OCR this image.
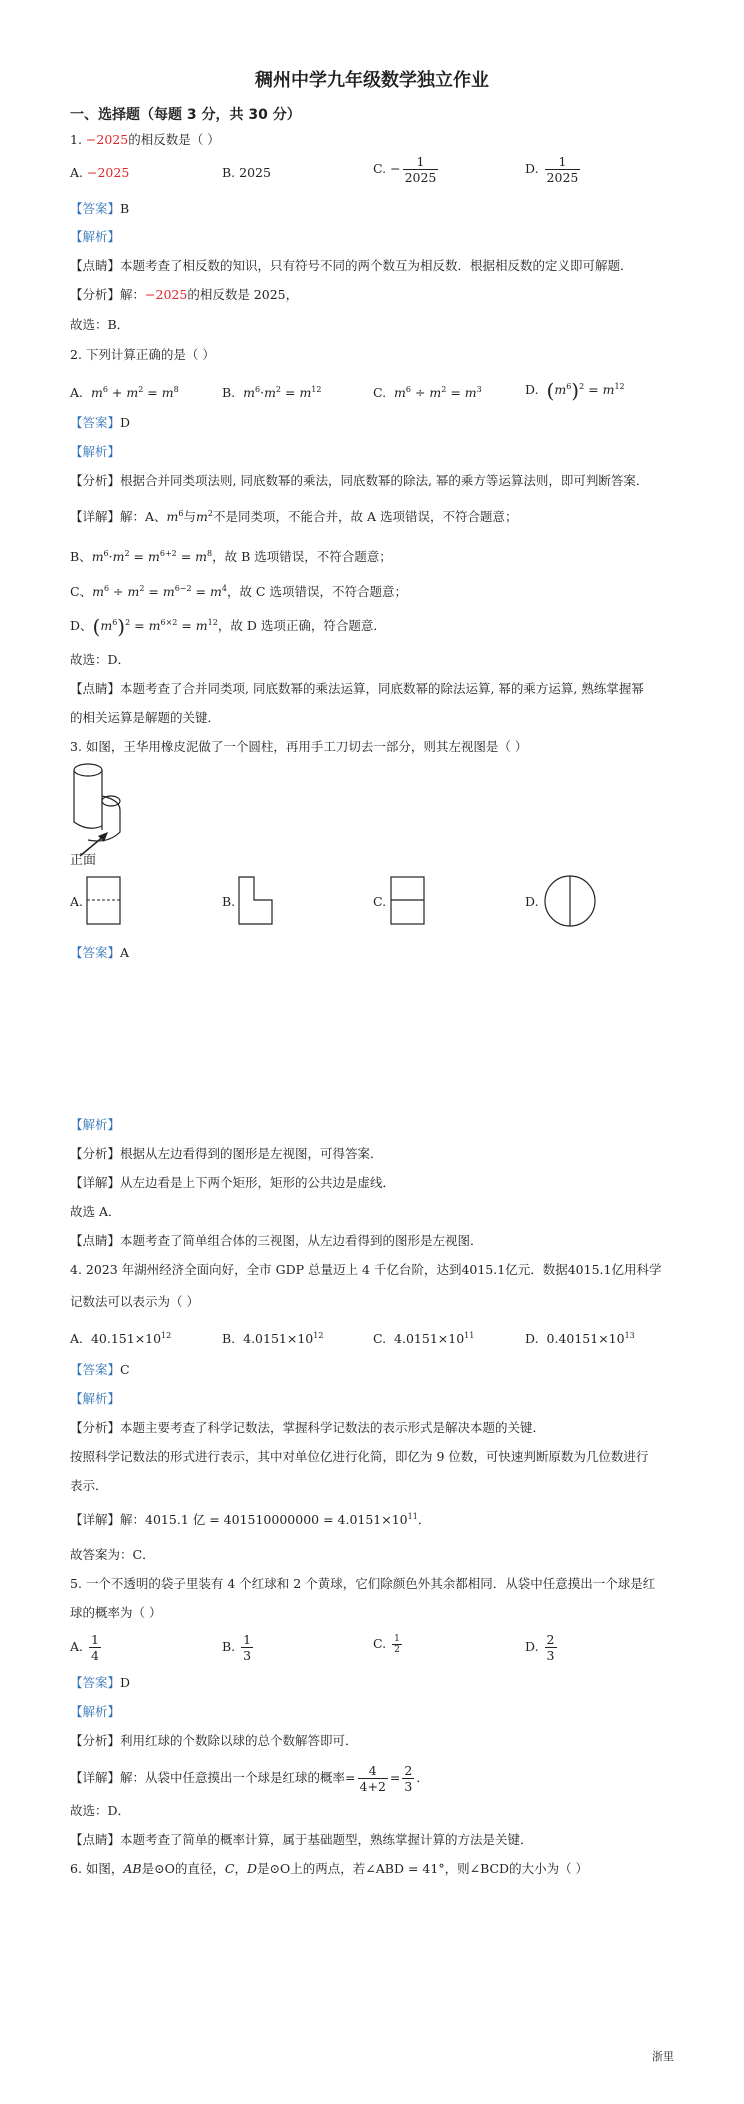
稠州中学九年级数学独立作业
一、选择题（每题 3 分，共 30 分）
1. −2025的相反数是（ ）
A. −2025	B. 2025	C. − $\frac{1}{2025}$	D. $\frac{1}{2025}$
【答案】B
【解析】
【点睛】本题考查了相反数的知识，只有符号不同的两个数互为相反数．根据相反数的定义即可解题．
【分析】解：−2025的相反数是 2025，
故选：B．
2. 下列计算正确的是（ ）
A. $m^6 + m^2 = m^8$	B. $m^6\cdot m^2 = m^{12}$	C. $m^6 \div m^2 = m^3$	D. $(m^6)^2 = m^{12}$
【答案】D
【解析】
【分析】根据合并同类项法则, 同底数幂的乘法，同底数幂的除法, 幂的乘方等运算法则，即可判断答案．
【详解】解：A、$m^6$与$m^2$不是同类项，不能合并，故 A 选项错误，不符合题意；
B、$m^6\cdot m^2 = m^{6+2} = m^8$，故 B 选项错误，不符合题意；
C、$m^6 \div m^2 = m^{6-2} = m^4$，故 C 选项错误，不符合题意；
D、$(m^6)^2 = m^{6\times 2} = m^{12}$，故 D 选项正确，符合题意．
故选：D．
【点睛】本题考查了合并同类项, 同底数幂的乘法运算，同底数幂的除法运算, 幂的乘方运算, 熟练掌握幂
的相关运算是解题的关键．
3. 如图，王华用橡皮泥做了一个圆柱，再用手工刀切去一部分，则其左视图是（ ）
正面
A.	B.	C.	D.
【答案】A
【解析】
【分析】根据从左边看得到的图形是左视图，可得答案．
【详解】从左边看是上下两个矩形，矩形的公共边是虚线．
故选 A．
【点睛】本题考查了简单组合体的三视图，从左边看得到的图形是左视图．
4. 2023 年湖州经济全面向好，全市 GDP 总量迈上 4 千亿台阶，达到4015.1亿元．数据4015.1亿用科学
记数法可以表示为（ ）
A. $40.151\times 10^{12}$	B. $4.0151\times 10^{12}$	C. $4.0151\times 10^{11}$	D. $0.40151\times 10^{13}$
【答案】C
【解析】
【分析】本题主要考查了科学记数法，掌握科学记数法的表示形式是解决本题的关键．
按照科学记数法的形式进行表示，其中对单位亿进行化简，即亿为 9 位数，可快速判断原数为几位数进行
表示．
【详解】解：4015.1 亿 = $401510000000 = 4.0151\times 10^{11}$．
故答案为：C．
5. 一个不透明的袋子里装有 4 个红球和 2 个黄球，它们除颜色外其余都相同．从袋中任意摸出一个球是红
球的概率为（ ）
A. $\frac{1}{4}$	B. $\frac{1}{3}$	C. $\frac{1}{2}$	D. $\frac{2}{3}$
【答案】D
【解析】
【分析】利用红球的个数除以球的总个数解答即可．
【详解】解：从袋中任意摸出一个球是红球的概率= $\frac{4}{4+2} = \frac{2}{3}$ ．
故选：D．
【点睛】本题考查了简单的概率计算，属于基础题型，熟练掌握计算的方法是关键．
6. 如图，AB是⊙O的直径，C，D是⊙O上的两点，若∠ABD = 41°，则∠BCD的大小为（ ）
浙里
